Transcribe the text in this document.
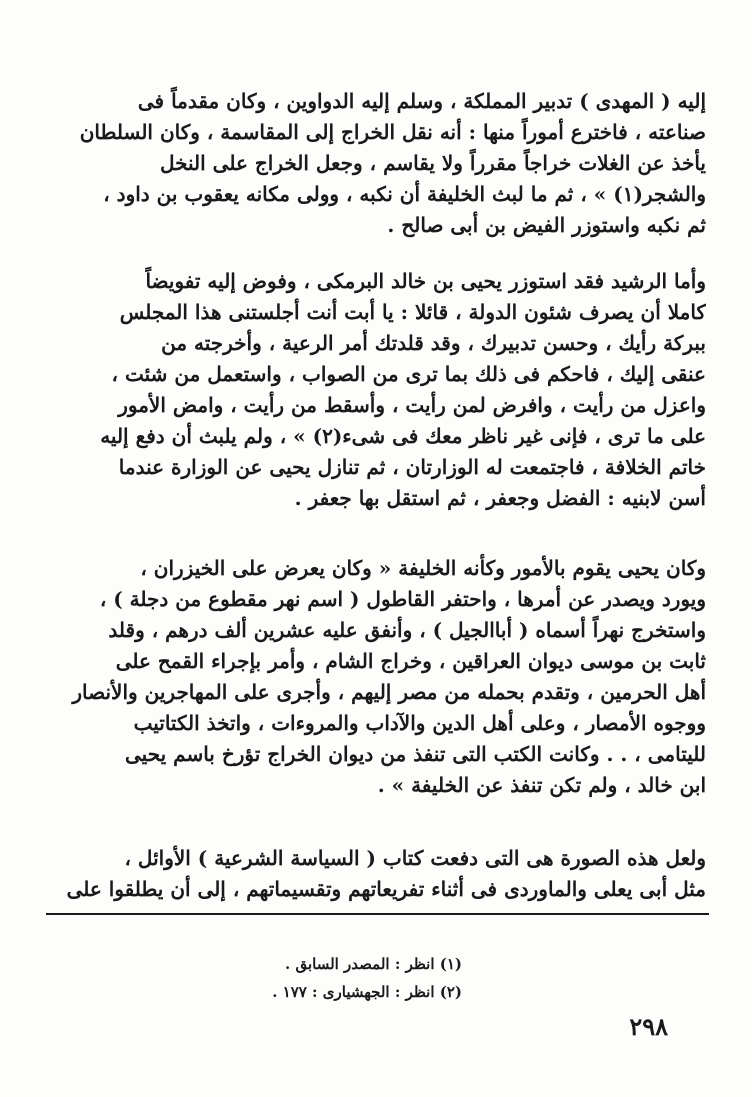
إليه ( المهدى ) تدبير المملكة ، وسلم إليه الدواوين ، وكان مقدماً فى
صناعته ، فاخترع أموراً منها : أنه نقل الخراج إلى المقاسمة ، وكان السلطان
يأخذ عن الغلات خراجاً مقرراً ولا يقاسم ، وجعل الخراج على النخل
والشجر(١) » ، ثم ما لبث الخليفة أن نكبه ، وولى مكانه يعقوب بن داود ،
ثم نكبه واستوزر الفيض بن أبى صالح .
وأما الرشيد فقد استوزر يحيى بن خالد البرمكى ، وفوض إليه تفويضاً
كاملا أن يصرف شئون الدولة ، قائلا : يا أبت أنت أجلستنى هذا المجلس
ببركة رأيك ، وحسن تدبيرك ، وقد قلدتك أمر الرعية ، وأخرجته من
عنقى إليك ، فاحكم فى ذلك بما ترى من الصواب ، واستعمل من شئت ،
واعزل من رأيت ، وافرض لمن رأيت ، وأسقط من رأيت ، وامض الأمور
على ما ترى ، فإنى غير ناظر معك فى شىء(٢) » ، ولم يلبث أن دفع إليه
خاتم الخلافة ، فاجتمعت له الوزارتان ، ثم تنازل يحيى عن الوزارة عندما
أسن لابنيه : الفضل وجعفر ، ثم استقل بها جعفر .
وكان يحيى يقوم بالأمور وكأنه الخليفة « وكان يعرض على الخيزران ،
ويورد ويصدر عن أمرها ، واحتفر القاطول ( اسم نهر مقطوع من دجلة ) ،
واستخرج نهراً أسماه ( أباالجيل ) ، وأنفق عليه عشرين ألف درهم ، وقلد
ثابت بن موسى ديوان العراقين ، وخراج الشام ، وأمر بإجراء القمح على
أهل الحرمين ، وتقدم بحمله من مصر إليهم ، وأجرى على المهاجرين والأنصار
ووجوه الأمصار ، وعلى أهل الدين والآداب والمروءات ، واتخذ الكتاتيب
لليتامى ، . . وكانت الكتب التى تنفذ من ديوان الخراج تؤرخ باسم يحيى
ابن خالد ، ولم تكن تنفذ عن الخليفة » .
ولعل هذه الصورة هى التى دفعت كتاب ( السياسة الشرعية ) الأوائل ،
مثل أبى يعلى والماوردى فى أثناء تفريعاتهم وتقسيماتهم ، إلى أن يطلقوا على
(١) انظر : المصدر السابق .
(٢) انظر : الجهشيارى : ١٧٧ .
٢٩٨
